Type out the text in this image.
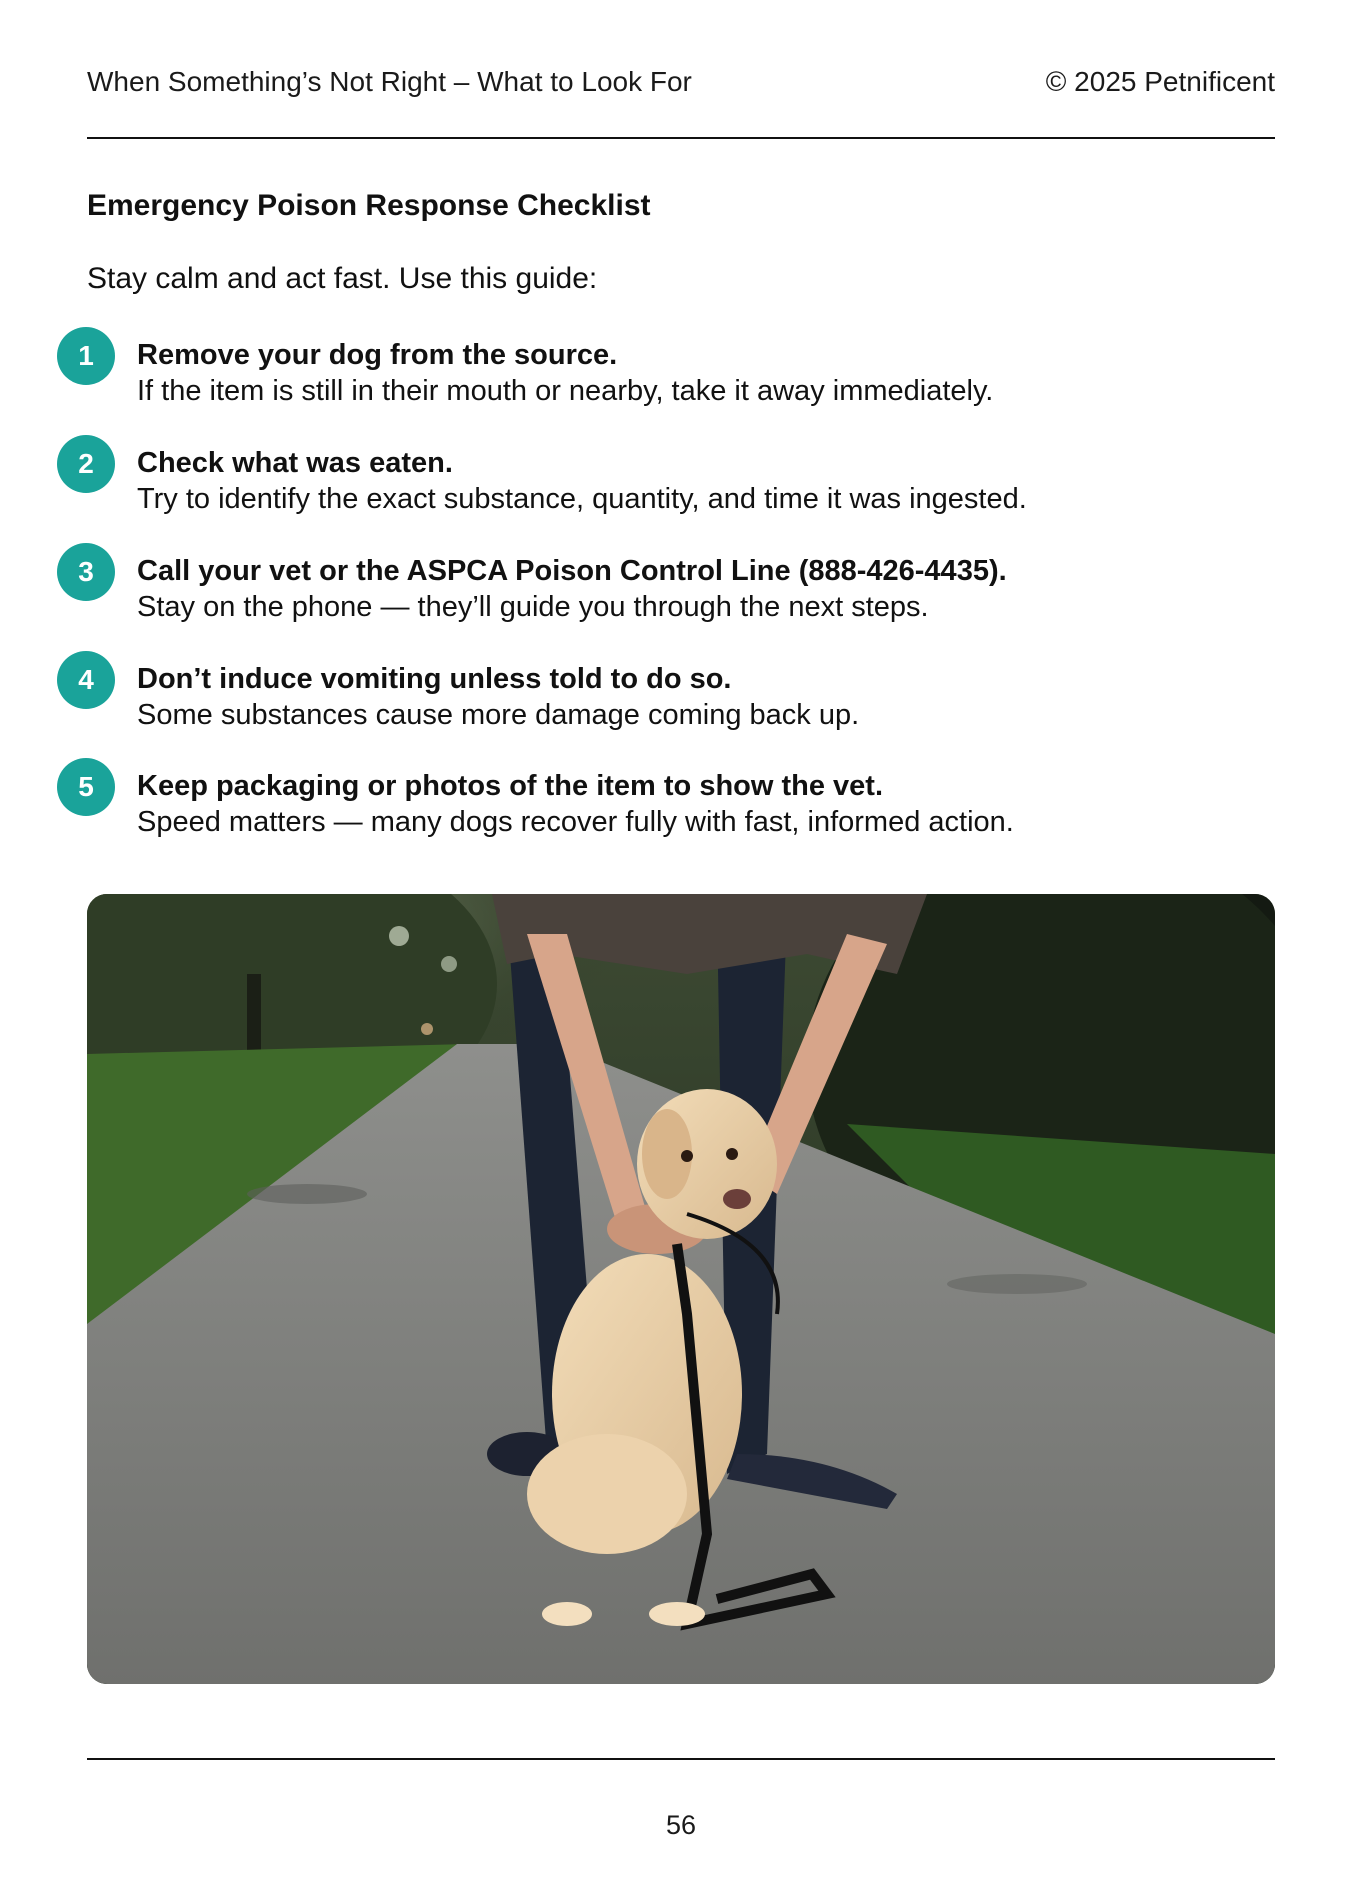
When Something’s Not Right – What to Look For	© 2025 Petnificent
Emergency Poison Response Checklist

Stay calm and act fast. Use this guide:

1	Remove your dog from the source.
If the item is still in their mouth or nearby, take it away immediately.
2	Check what was eaten.
Try to identify the exact substance, quantity, and time it was ingested.
3	Call your vet or the ASPCA Poison Control Line (888-426-4435).
Stay on the phone — they’ll guide you through the next steps.
4	Don’t induce vomiting unless told to do so.
Some substances cause more damage coming back up.
5	Keep packaging or photos of the item to show the vet.
Speed matters — many dogs recover fully with fast, informed action.
56
